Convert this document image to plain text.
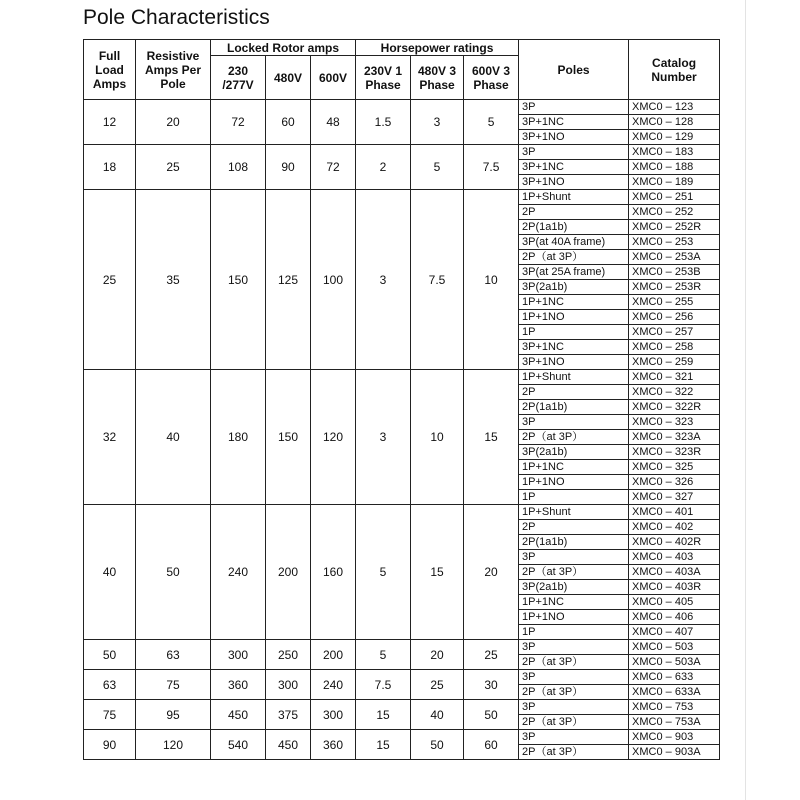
Pole Characteristics
Full Load Amps	Resistive Amps Per Pole	Locked Rotor amps			Horsepower ratings			Poles	Catalog Number
		230 /277V	480V	600V	230V 1 Phase	480V 3 Phase	600V 3 Phase		
12	20	72	60	48	1.5	3	5	3P	XMC0 – 123
								3P+1NC	XMC0 – 128
								3P+1NO	XMC0 – 129
18	25	108	90	72	2	5	7.5	3P	XMC0 – 183
								3P+1NC	XMC0 – 188
								3P+1NO	XMC0 – 189
25	35	150	125	100	3	7.5	10	1P+Shunt	XMC0 – 251
								2P	XMC0 – 252
								2P(1a1b)	XMC0 – 252R
								3P(at 40A frame)	XMC0 – 253
								2P（at 3P）	XMC0 – 253A
								3P(at 25A frame)	XMC0 – 253B
								3P(2a1b)	XMC0 – 253R
								1P+1NC	XMC0 – 255
								1P+1NO	XMC0 – 256
								1P	XMC0 – 257
								3P+1NC	XMC0 – 258
								3P+1NO	XMC0 – 259
32	40	180	150	120	3	10	15	1P+Shunt	XMC0 – 321
								2P	XMC0 – 322
								2P(1a1b)	XMC0 – 322R
								3P	XMC0 – 323
								2P（at 3P）	XMC0 – 323A
								3P(2a1b)	XMC0 – 323R
								1P+1NC	XMC0 – 325
								1P+1NO	XMC0 – 326
								1P	XMC0 – 327
40	50	240	200	160	5	15	20	1P+Shunt	XMC0 – 401
								2P	XMC0 – 402
								2P(1a1b)	XMC0 – 402R
								3P	XMC0 – 403
								2P（at 3P）	XMC0 – 403A
								3P(2a1b)	XMC0 – 403R
								1P+1NC	XMC0 – 405
								1P+1NO	XMC0 – 406
								1P	XMC0 – 407
50	63	300	250	200	5	20	25	3P	XMC0 – 503
								2P（at 3P）	XMC0 – 503A
63	75	360	300	240	7.5	25	30	3P	XMC0 – 633
								2P（at 3P）	XMC0 – 633A
75	95	450	375	300	15	40	50	3P	XMC0 – 753
								2P（at 3P）	XMC0 – 753A
90	120	540	450	360	15	50	60	3P	XMC0 – 903
								2P（at 3P）	XMC0 – 903A
